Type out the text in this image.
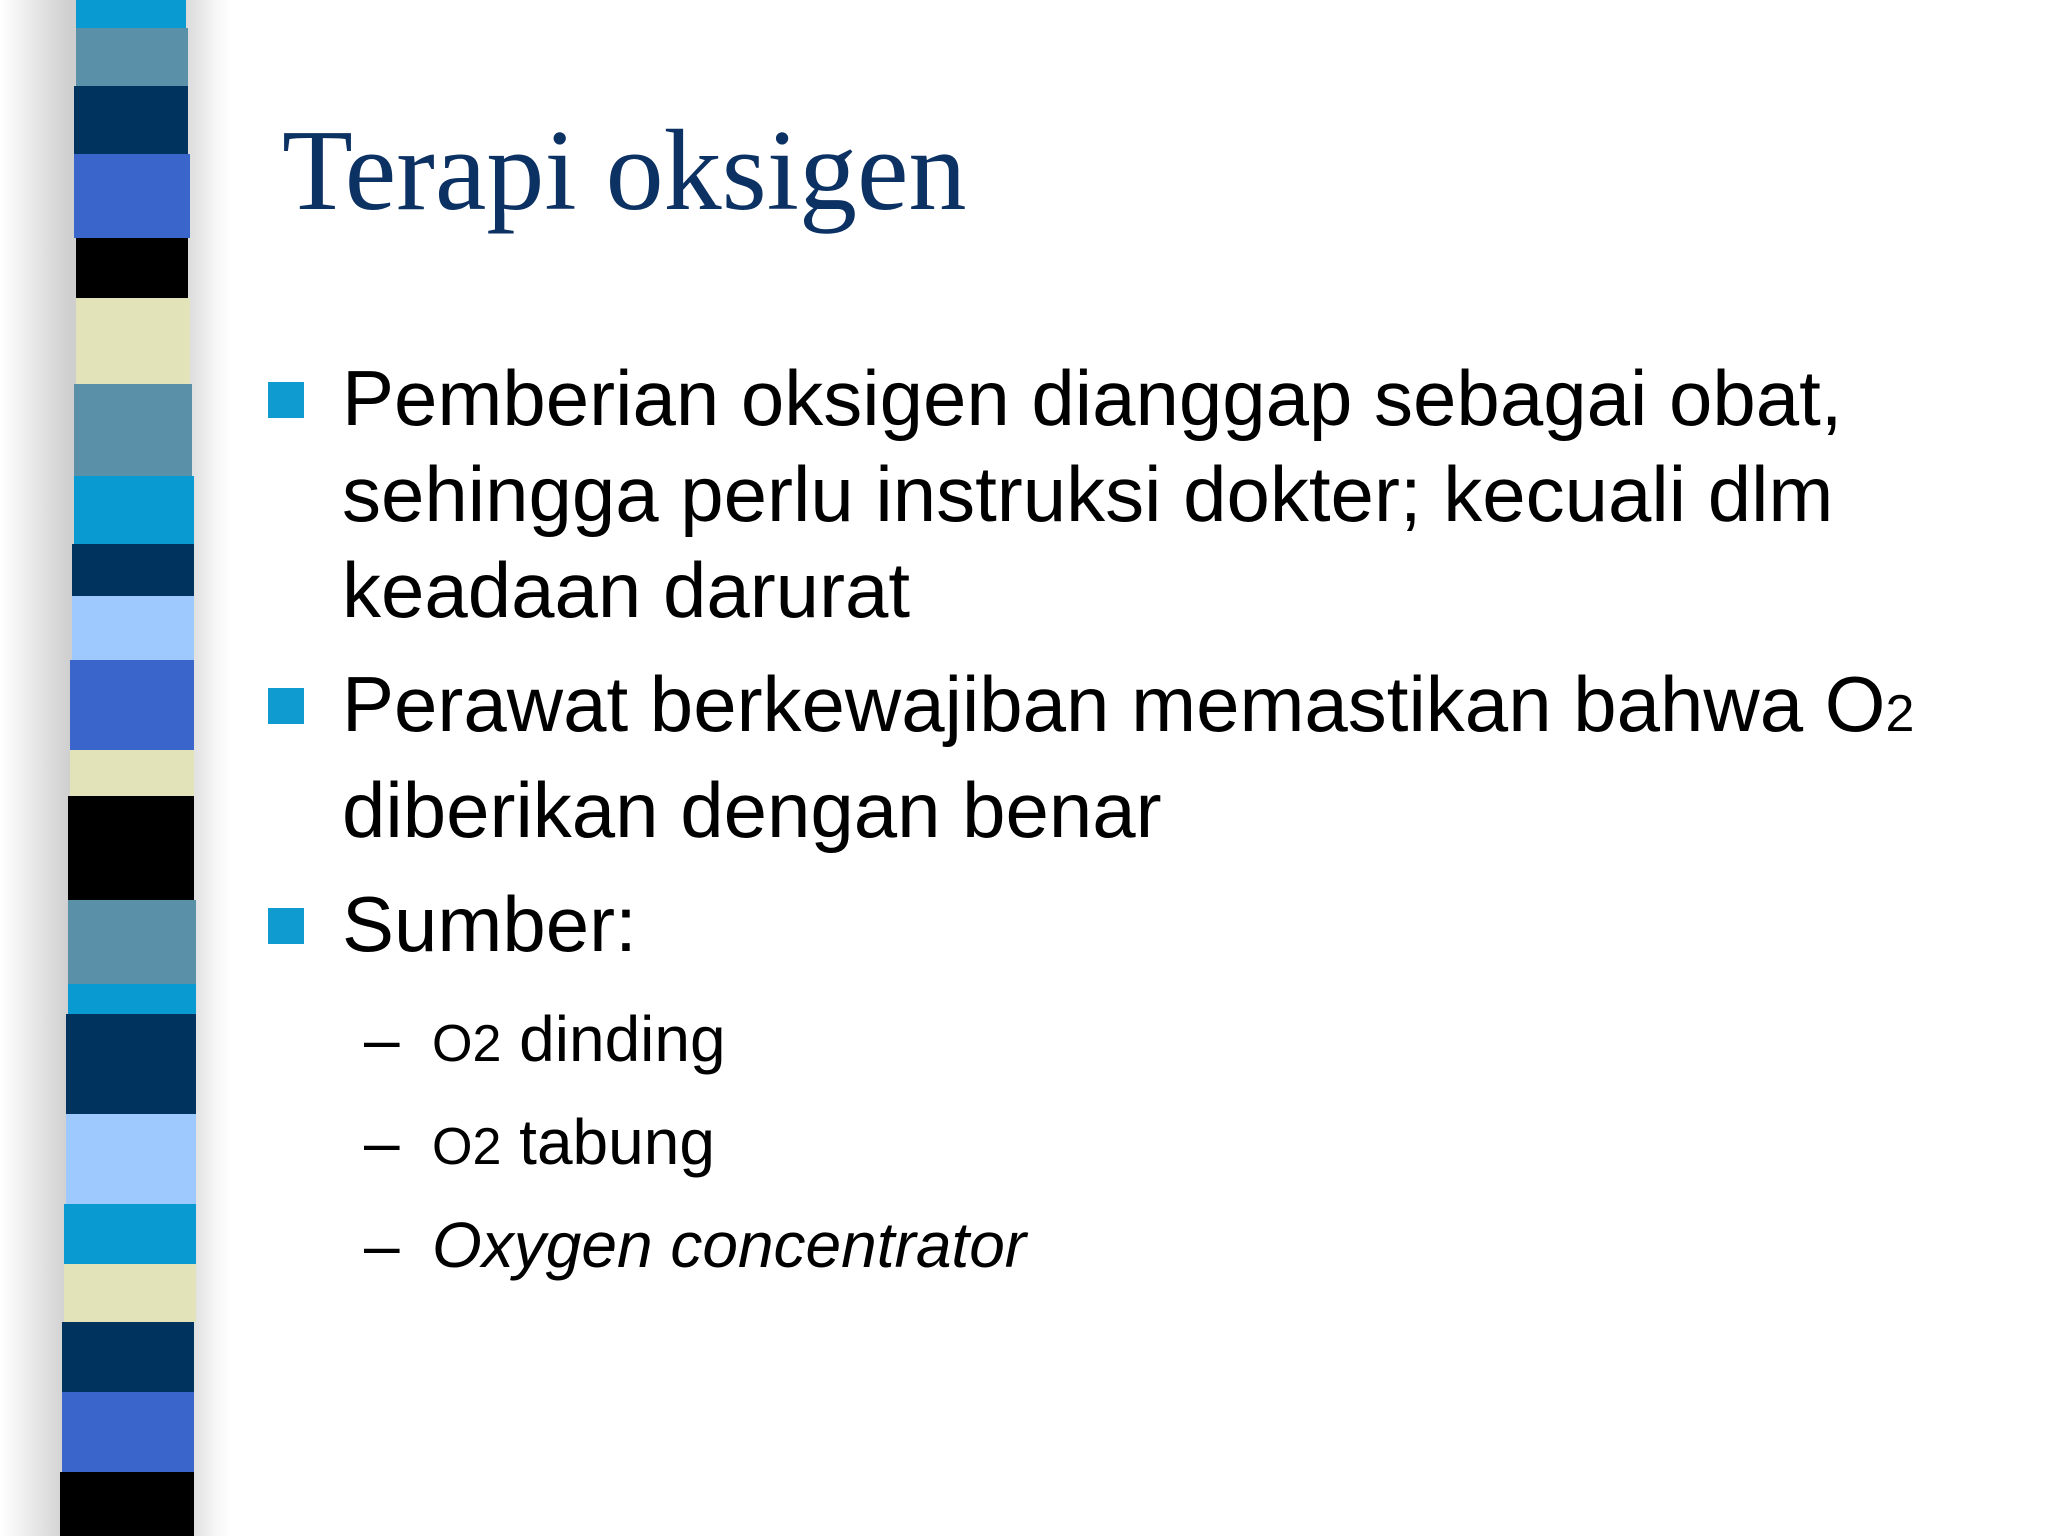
Terapi oksigen
Pemberian oksigen dianggap sebagai obat, sehingga perlu instruksi dokter; kecuali dlm keadaan darurat
Perawat berkewajiban memastikan bahwa O2 diberikan dengan benar
Sumber:
– O2 dinding
– O2 tabung
– Oxygen concentrator
